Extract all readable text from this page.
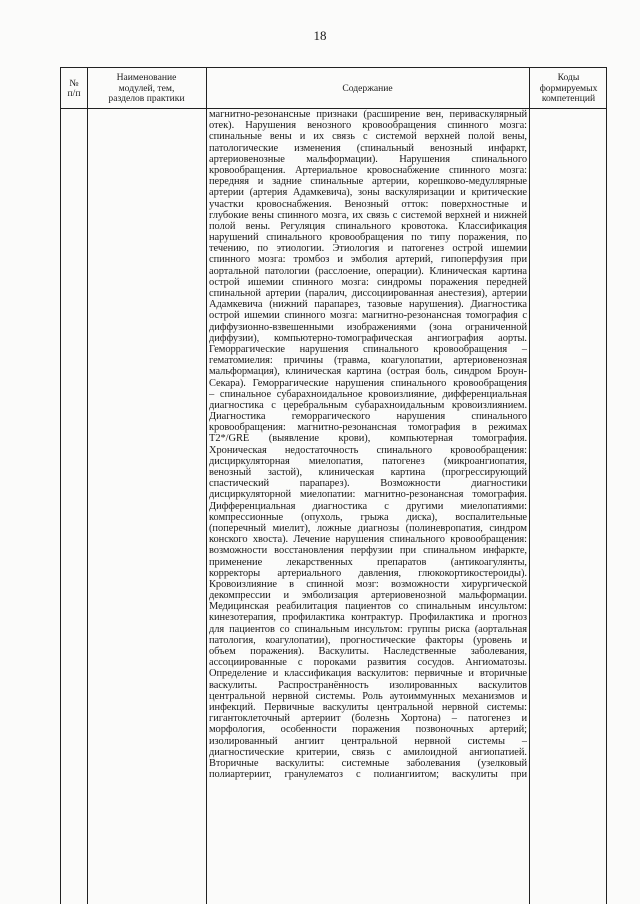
18
№
п/п
Наименование
модулей, тем,
разделов практики
Содержание
Коды
формируемых
компетенций
магнитно-резонансные признаки (расширение вен, периваскулярный
отек). Нарушения венозного кровообращения спинного мозга:
спинальные вены и их связь с системой верхней полой вены,
патологические изменения (спинальный венозный инфаркт,
артериовенозные мальформации). Нарушения спинального
кровообращения. Артериальное кровоснабжение спинного мозга:
передняя и задние спинальные артерии, корешково-медуллярные
артерии (артерия Адамкевича), зоны васкуляризации и критические
участки кровоснабжения. Венозный отток: поверхностные и
глубокие вены спинного мозга, их связь с системой верхней и нижней
полой вены. Регуляция спинального кровотока. Классификация
нарушений спинального кровообращения по типу поражения, по
течению, по этиологии. Этиология и патогенез острой ишемии
спинного мозга: тромбоз и эмболия артерий, гипоперфузия при
аортальной патологии (расслоение, операции). Клиническая картина
острой ишемии спинного мозга: синдромы поражения передней
спинальной артерии (паралич, диссоциированная анестезия), артерии
Адамкевича (нижний парапарез, тазовые нарушения). Диагностика
острой ишемии спинного мозга: магнитно-резонансная томография с
диффузионно-взвешенными изображениями (зона ограниченной
диффузии), компьютерно-томографическая ангиография аорты.
Геморрагические нарушения спинального кровообращения –
гематомиелия: причины (травма, коагулопатии, артериовенозная
мальформация), клиническая картина (острая боль, синдром Броун-
Секара). Геморрагические нарушения спинального кровообращения
– спинальное субарахноидальное кровоизлияние, дифференциальная
диагностика с церебральным субарахноидальным кровоизлиянием.
Диагностика геморрагического нарушения спинального
кровообращения: магнитно-резонансная томография в режимах
T2*/GRE (выявление крови), компьютерная томография.
Хроническая недостаточность спинального кровообращения:
дисциркуляторная миелопатия, патогенез (микроангиопатия,
венозный застой), клиническая картина (прогрессирующий
спастический парапарез). Возможности диагностики
дисциркуляторной миелопатии: магнитно-резонансная томография.
Дифференциальная диагностика с другими миелопатиями:
компрессионные (опухоль, грыжа диска), воспалительные
(поперечный миелит), ложные диагнозы (полиневропатия, синдром
конского хвоста). Лечение нарушения спинального кровообращения:
возможности восстановления перфузии при спинальном инфаркте,
применение лекарственных препаратов (антикоагулянты,
корректоры артериального давления, глюкокортикостероиды).
Кровоизлияние в спинной мозг: возможности хирургической
декомпрессии и эмболизация артериовенозной мальформации.
Медицинская реабилитация пациентов со спинальным инсультом:
кинезотерапия, профилактика контрактур. Профилактика и прогноз
для пациентов со спинальным инсультом: группы риска (аортальная
патология, коагулопатии), прогностические факторы (уровень и
объем поражения). Васкулиты. Наследственные заболевания,
ассоциированные с пороками развития сосудов. Ангиоматозы.
Определение и классификация васкулитов: первичные и вторичные
васкулиты. Распространённость изолированных васкулитов
центральной нервной системы. Роль аутоиммунных механизмов и
инфекций. Первичные васкулиты центральной нервной системы:
гигантоклеточный артериит (болезнь Хортона) – патогенез и
морфология, особенности поражения позвоночных артерий;
изолированный ангиит центральной нервной системы –
диагностические критерии, связь с амилоидной ангиопатией.
Вторичные васкулиты: системные заболевания (узелковый
полиартериит, гранулематоз с полиангиитом; васкулиты при
